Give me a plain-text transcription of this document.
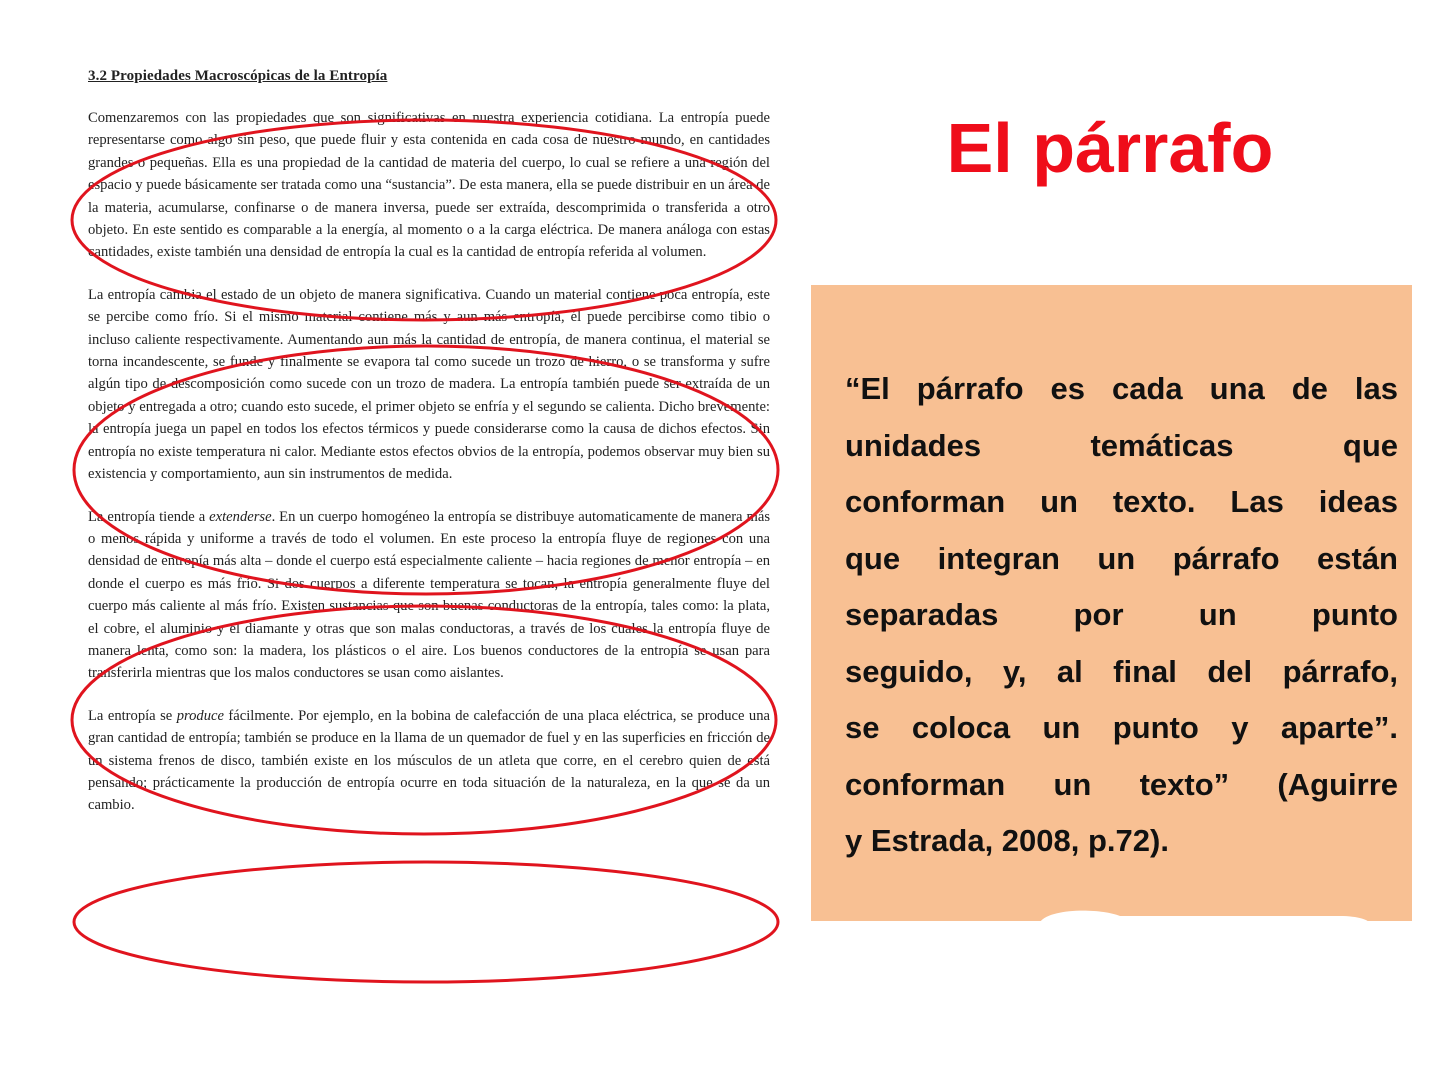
3.2 Propiedades Macroscópicas de la Entropía

Comenzaremos con las propiedades que son significativas en nuestra experiencia cotidiana. La entropía puede representarse como algo sin peso, que puede fluir y esta contenida en cada cosa de nuestro mundo, en cantidades grandes o pequeñas. Ella es una propiedad de la cantidad de materia del cuerpo, lo cual se refiere a una región del espacio y puede básicamente ser tratada como una “sustancia”. De esta manera, ella se puede distribuir en un área de la materia, acumularse, confinarse o de manera inversa, puede ser extraída, descomprimida o transferida a otro objeto. En este sentido es comparable a la energía, al momento o a la carga eléctrica. De manera análoga con estas cantidades, existe también una densidad de entropía la cual es la cantidad de entropía referida al volumen.

La entropía cambia el estado de un objeto de manera significativa. Cuando un material contiene poca entropía, este se percibe como frío. Si el mismo material contiene más y aun más entropía, él puede percibirse como tibio o incluso caliente respectivamente. Aumentando aun más la cantidad de entropía, de manera continua, el material se torna incandescente, se funde y finalmente se evapora tal como sucede un trozo de hierro, o se transforma y sufre algún tipo de descomposición como sucede con un trozo de madera. La entropía también puede ser extraída de un objeto y entregada a otro; cuando esto sucede, el primer objeto se enfría y el segundo se calienta. Dicho brevemente: la entropía juega un papel en todos los efectos térmicos y puede considerarse como la causa de dichos efectos. Sin entropía no existe temperatura ni calor. Mediante estos efectos obvios de la entropía, podemos observar muy bien su existencia y comportamiento, aun sin instrumentos de medida.

La entropía tiende a extenderse. En un cuerpo homogéneo la entropía se distribuye automaticamente de manera más o menos rápida y uniforme a través de todo el volumen. En este proceso la entropía fluye de regiones con una densidad de entropía más alta – donde el cuerpo está especialmente caliente – hacia regiones de menor entropía – en donde el cuerpo es más frío. Si dos cuerpos a diferente temperatura se tocan, la entropía generalmente fluye del cuerpo más caliente al más frío. Existen sustancias que son buenas conductoras de la entropía, tales como: la plata, el cobre, el aluminio y el diamante y otras que son malas conductoras, a través de los cuales la entropía fluye de manera lenta, como son: la madera, los plásticos o el aire. Los buenos conductores de la entropía se usan para transferirla mientras que los malos conductores se usan como aislantes.

La entropía se produce fácilmente. Por ejemplo, en la bobina de calefacción de una placa eléctrica, se produce una gran cantidad de entropía; también se produce en la llama de un quemador de fuel y en las superficies en fricción de un sistema frenos de disco, también existe en los músculos de un atleta que corre, en el cerebro quien de está pensando; prácticamente la producción de entropía ocurre en toda situación de la naturaleza, en la que se da un cambio.

El párrafo

“El párrafo es cada una de las
unidades temáticas que
conforman un texto. Las ideas
que integran un párrafo están
separadas por un punto
seguido, y, al final del párrafo,
se coloca un punto y aparte”.
conforman un texto” (Aguirre
y Estrada, 2008, p.72).
